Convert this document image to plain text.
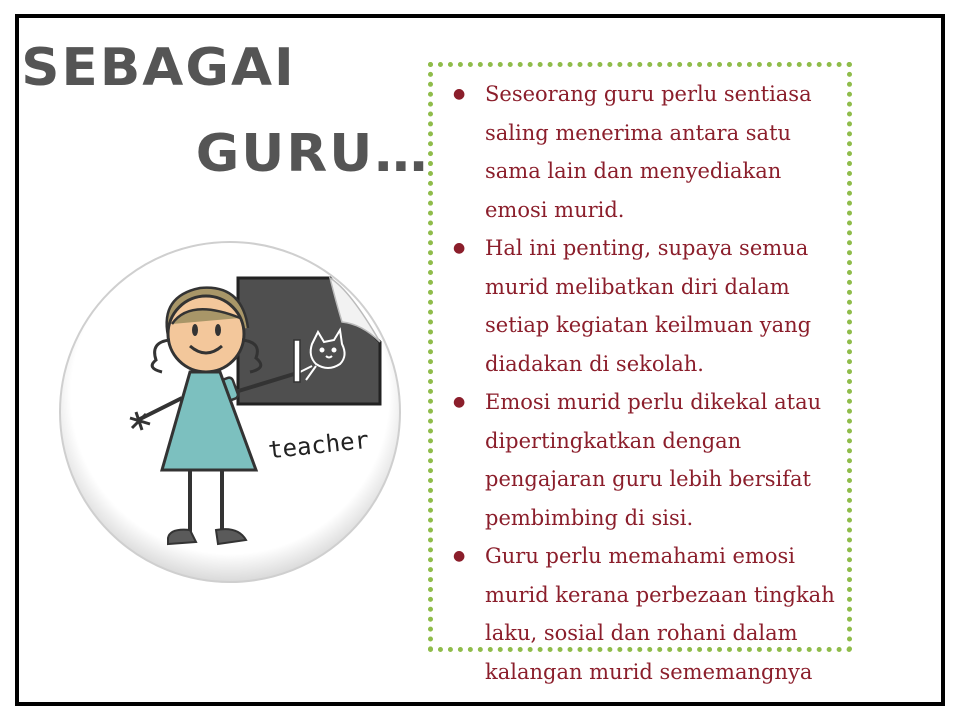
SEBAGAI
GURU…
teacher
● Seseorang guru perlu sentiasa saling menerima antara satu sama lain dan menyediakan emosi murid.
● Hal ini penting, supaya semua murid melibatkan diri dalam setiap kegiatan keilmuan yang diadakan di sekolah.
● Emosi murid perlu dikekal atau dipertingkatkan dengan pengajaran guru lebih bersifat pembimbing di sisi.
● Guru perlu memahami emosi murid kerana perbezaan tingkah laku, sosial dan rohani dalam kalangan murid sememangnya
